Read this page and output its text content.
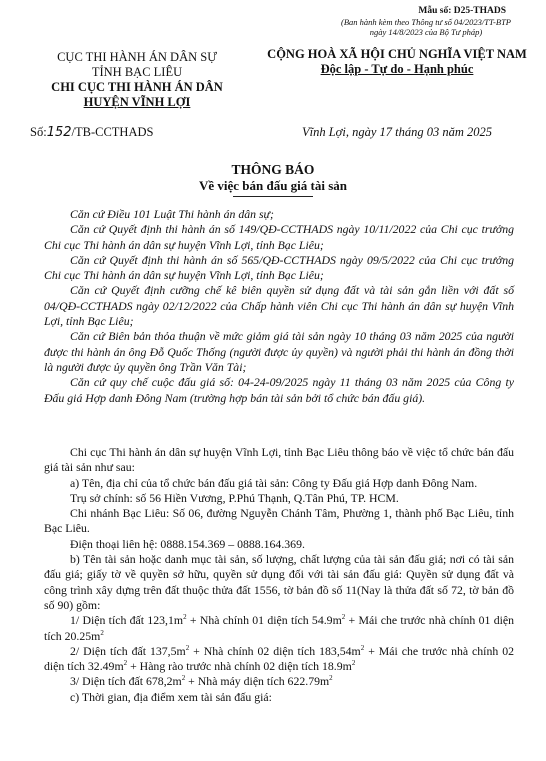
Mẫu số: D25-THADS
(Ban hành kèm theo Thông tư số 04/2023/TT-BTP ngày 14/8/2023 của Bộ Tư pháp)
CỤC THI HÀNH ÁN DÂN SỰ
TỈNH BẠC LIÊU
CHI CỤC THI HÀNH ÁN DÂN
HUYỆN VĨNH LỢI
Số:152/TB-CCTHADS
CỘNG HOÀ XÃ HỘI CHỦ NGHĨA VIỆT NAM
Độc lập - Tự do - Hạnh phúc
Vĩnh Lợi, ngày 17 tháng 03 năm 2025
THÔNG BÁO
Về việc bán đấu giá tài sản
Căn cứ Điều 101 Luật Thi hành án dân sự;
Căn cứ Quyết định thi hành án số 149/QĐ-CCTHADS ngày 10/11/2022 của Chi cục trưởng Chi cục Thi hành án dân sự huyện Vĩnh Lợi, tỉnh Bạc Liêu;
Căn cứ Quyết định thi hành án số 565/QĐ-CCTHADS ngày 09/5/2022 của Chi cục trưởng Chi cục Thi hành án dân sự huyện Vĩnh Lợi, tỉnh Bạc Liêu;
Căn cứ Quyết định cưỡng chế kê biên quyền sử dụng đất và tài sản gắn liền với đất số 04/QĐ-CCTHADS ngày 02/12/2022 của Chấp hành viên Chi cục Thi hành án dân sự huyện Vĩnh Lợi, tỉnh Bạc Liêu;
Căn cứ Biên bản thỏa thuận về mức giảm giá tài sản ngày 10 tháng 03 năm 2025 của người được thi hành án ông Đỗ Quốc Thống (người được ủy quyền) và người phải thi hành án đồng thời là người được ủy quyền ông Trần Văn Tài;
Căn cứ quy chế cuộc đấu giá số: 04-24-09/2025 ngày 11 tháng 03 năm 2025 của Công ty Đấu giá Hợp danh Đông Nam (trường hợp bán tài sản bởi tổ chức bán đấu giá).
Chi cục Thi hành án dân sự huyện Vĩnh Lợi, tỉnh Bạc Liêu thông báo về việc tổ chức bán đấu giá tài sản như sau:
a) Tên, địa chỉ của tổ chức bán đấu giá tài sản: Công ty Đấu giá Hợp danh Đông Nam.
Trụ sở chính: số 56 Hiền Vương, P.Phú Thạnh, Q.Tân Phú, TP. HCM.
Chi nhánh Bạc Liêu: Số 06, đường Nguyễn Chánh Tâm, Phường 1, thành phố Bạc Liêu, tỉnh Bạc Liêu.
Điện thoại liên hệ: 0888.154.369 – 0888.164.369.
b) Tên tài sản hoặc danh mục tài sản, số lượng, chất lượng của tài sản đấu giá; nơi có tài sản đấu giá; giấy tờ về quyền sở hữu, quyền sử dụng đối với tài sản đấu giá: Quyền sử dụng đất và công trình xây dựng trên đất thuộc thửa đất 1556, tờ bản đồ số 11(Nay là thửa đất số 72, tờ bản đồ số 90) gồm:
1/ Diện tích đất $123,1m^2$ + Nhà chính 01 diện tích $54.9m^2$ + Mái che trước nhà chính 01 diện tích $20.25m^2$
2/ Diện tích đất $137,5m^2$ + Nhà chính 02 diện tích $183,54m^2$ + Mái che trước nhà chính 02 diện tích $32.49m^2$ + Hàng rào trước nhà chính 02 diện tích $18.9m^2$
3/ Diện tích đất $678,2m^2$ + Nhà máy diện tích $622.79m^2$
c) Thời gian, địa điểm xem tài sản đấu giá:
